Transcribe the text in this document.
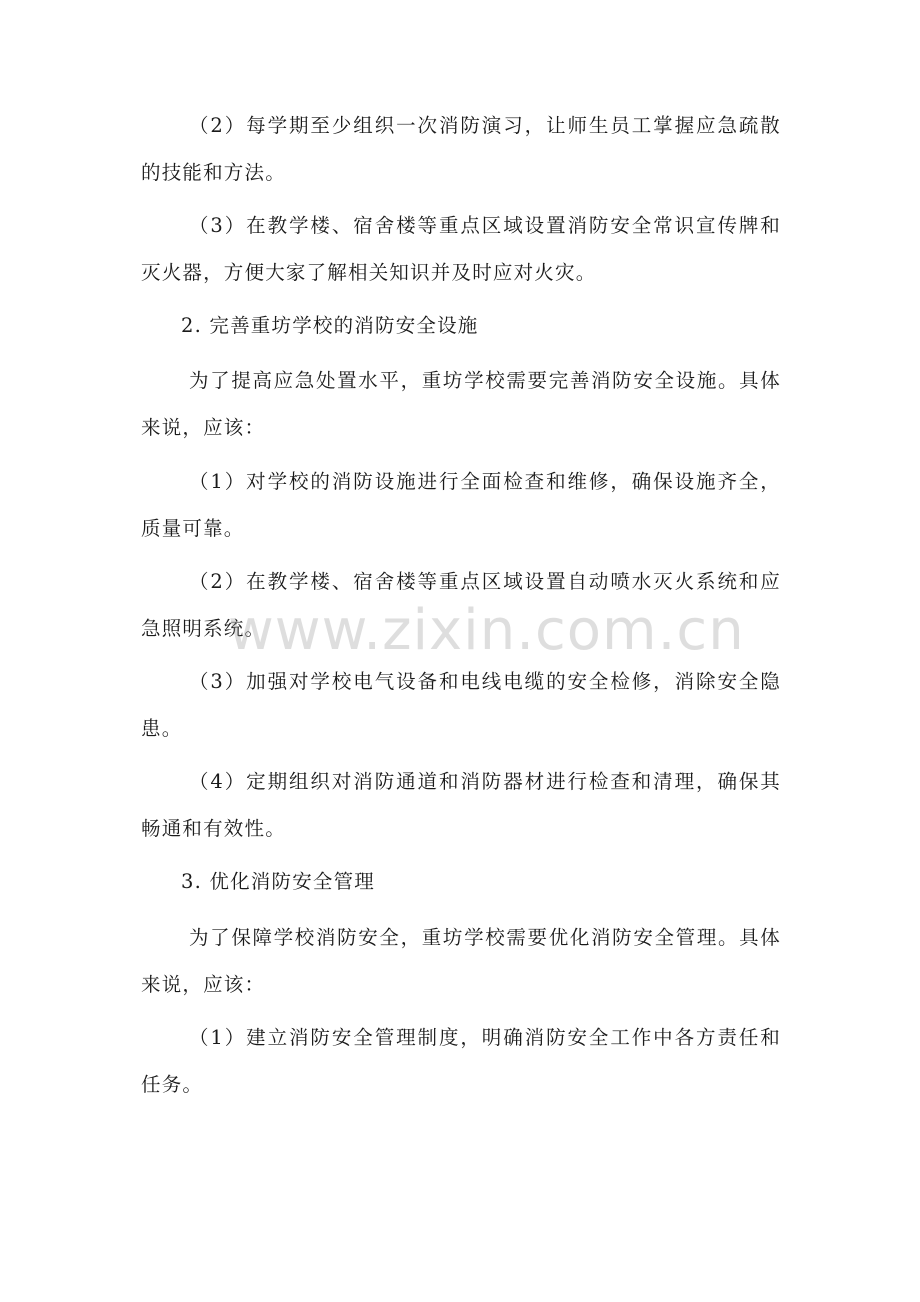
（2）每学期至少组织一次消防演习，让师生员工掌握应急疏散的技能和方法。

（3）在教学楼、宿舍楼等重点区域设置消防安全常识宣传牌和灭火器，方便大家了解相关知识并及时应对火灾。

2. 完善重坊学校的消防安全设施

为了提高应急处置水平，重坊学校需要完善消防安全设施。具体来说，应该：

（1）对学校的消防设施进行全面检查和维修，确保设施齐全，质量可靠。

（2）在教学楼、宿舍楼等重点区域设置自动喷水灭火系统和应急照明系统。

（3）加强对学校电气设备和电线电缆的安全检修，消除安全隐患。

（4）定期组织对消防通道和消防器材进行检查和清理，确保其畅通和有效性。

3. 优化消防安全管理

为了保障学校消防安全，重坊学校需要优化消防安全管理。具体来说，应该：

（1）建立消防安全管理制度，明确消防安全工作中各方责任和任务。

www.zixin.com.cn
